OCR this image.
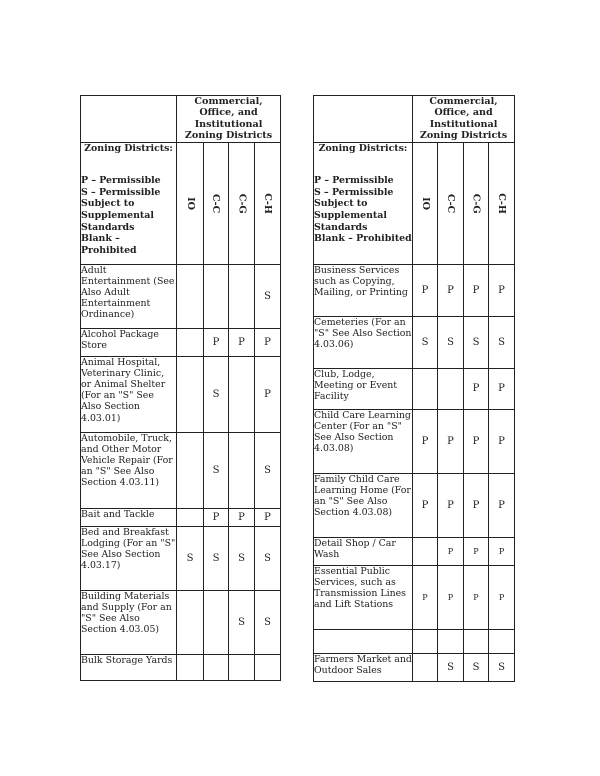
	Commercial, Office, and Institutional Zoning Districts			

Zoning Districts:
P – Permissible
S – Permissible Subject to Supplemental Standards
Blank – Prohibited	IO	C-C	C-G	C-H
Adult Entertainment (See Also Adult Entertainment Ordinance)				S
Alcohol Package Store		P	P	P
Animal Hospital, Veterinary Clinic, or Animal Shelter (For an "S" See Also Section 4.03.01)		S		P
Automobile, Truck, and Other Motor Vehicle Repair (For an "S" See Also Section 4.03.11)		S		S
Bait and Tackle		P	P	P
Bed and Breakfast Lodging (For an "S" See Also Section 4.03.17)	S	S	S	S
Building Materials and Supply (For an "S" See Also Section 4.03.05)			S	S
Bulk Storage Yards				
	Commercial, Office, and Institutional Zoning Districts			

Zoning Districts:
P – Permissible
S – Permissible Subject to Supplemental Standards
Blank – Prohibited	IO	C-C	C-G	C-H
Business Services such as Copying, Mailing, or Printing	P	P	P	P
Cemeteries (For an "S" See Also Section 4.03.06)	S	S	S	S
Club, Lodge, Meeting or Event Facility			P	P
Child Care Learning Center (For an "S" See Also Section 4.03.08)	P	P	P	P
Family Child Care Learning Home (For an "S" See Also Section 4.03.08)	P	P	P	P
Detail Shop / Car Wash		P	P	P
Essential Public Services, such as Transmission Lines and Lift Stations	P	P	P	P

Farmers Market and Outdoor Sales		S	S	S
